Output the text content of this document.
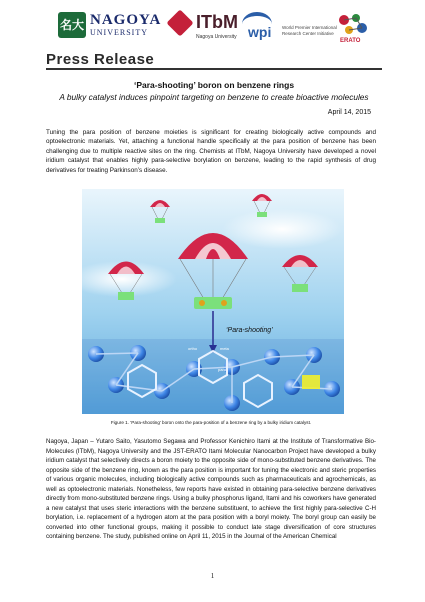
名大 NAGOYA
UNIVERSITY
ITbM
Nagoya University wpi World Premier International Research Center Initiative
ERATO
Press Release
‘Para-shooting’ boron on benzene rings
A bulky catalyst induces pinpoint targeting on benzene to create bioactive molecules
April 14, 2015
Tuning the para position of benzene moieties is significant for creating biologically active compounds and optoelectronic materials. Yet, attaching a functional handle specifically at the para position of benzene has been challenging due to multiple reactive sites on the ring. Chemists at ITbM, Nagoya University have developed a novel iridium catalyst that enables highly para-selective borylation on benzene, leading to the rapid synthesis of drug derivatives for treating Parkinson’s disease.
‘Para-shooting’
ortho	meta
para
Figure 1. ‘Para-shooting’ boron onto the para-position of a benzene ring by a bulky iridium catalyst.
Nagoya, Japan – Yutaro Saito, Yasutomo Segawa and Professor Kenichiro Itami at the Institute of Transformative Bio-Molecules (ITbM), Nagoya University and the JST-ERATO Itami Molecular Nanocarbon Project have developed a bulky iridium catalyst that selectively directs a boron moiety to the opposite side of mono-substituted benzene derivatives. The opposite side of the benzene ring, known as the para position is important for tuning the electronic and steric properties of various organic molecules, including biologically active compounds such as pharmaceuticals and agrochemicals, as well as optoelectronic materials. Nonetheless, few reports have existed in obtaining para-selective benzene derivatives directly from mono-substituted benzene rings. Using a bulky phosphorus ligand, Itami and his coworkers have generated a new catalyst that uses steric interactions with the benzene substituent, to achieve the first highly para-selective C-H borylation, i.e. replacement of a hydrogen atom at the para position with a boryl moiety. The boryl group can easily be converted into other functional groups, making it possible to conduct late stage diversification of core structures containing benzene. The study, published online on April 11, 2015 in the Journal of the American Chemical
1
